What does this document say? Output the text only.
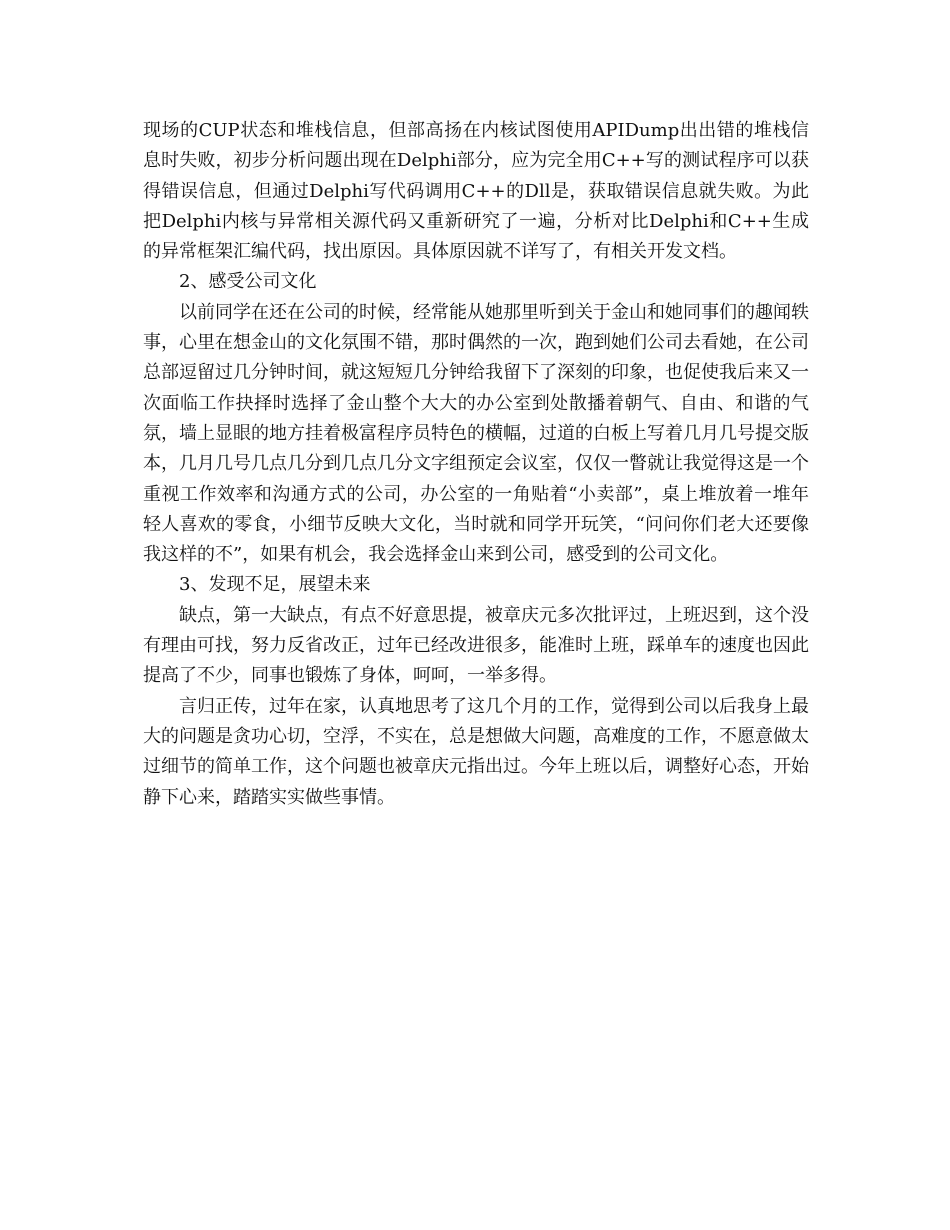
现场的CUP状态和堆栈信息，但部高扬在内核试图使用APIDump出出错的堆栈信息时失败，初步分析问题出现在Delphi部分，应为完全用C++写的测试程序可以获得错误信息，但通过Delphi写代码调用C++的Dll是，获取错误信息就失败。为此把Delphi内核与异常相关源代码又重新研究了一遍，分析对比Delphi和C++生成的异常框架汇编代码，找出原因。具体原因就不详写了，有相关开发文档。

2、感受公司文化

以前同学在还在公司的时候，经常能从她那里听到关于金山和她同事们的趣闻轶事，心里在想金山的文化氛围不错，那时偶然的一次，跑到她们公司去看她，在公司总部逗留过几分钟时间，就这短短几分钟给我留下了深刻的印象，也促使我后来又一次面临工作抉择时选择了金山整个大大的办公室到处散播着朝气、自由、和谐的气氛，墙上显眼的地方挂着极富程序员特色的横幅，过道的白板上写着几月几号提交版本，几月几号几点几分到几点几分文字组预定会议室，仅仅一瞥就让我觉得这是一个重视工作效率和沟通方式的公司，办公室的一角贴着“小卖部”，桌上堆放着一堆年轻人喜欢的零食，小细节反映大文化，当时就和同学开玩笑，“问问你们老大还要像我这样的不”，如果有机会，我会选择金山来到公司，感受到的公司文化。

3、发现不足，展望未来

缺点，第一大缺点，有点不好意思提，被章庆元多次批评过，上班迟到，这个没有理由可找，努力反省改正，过年已经改进很多，能准时上班，踩单车的速度也因此提高了不少，同事也锻炼了身体，呵呵，一举多得。

言归正传，过年在家，认真地思考了这几个月的工作，觉得到公司以后我身上最大的问题是贪功心切，空浮，不实在，总是想做大问题，高难度的工作，不愿意做太过细节的简单工作，这个问题也被章庆元指出过。今年上班以后，调整好心态，开始静下心来，踏踏实实做些事情。
